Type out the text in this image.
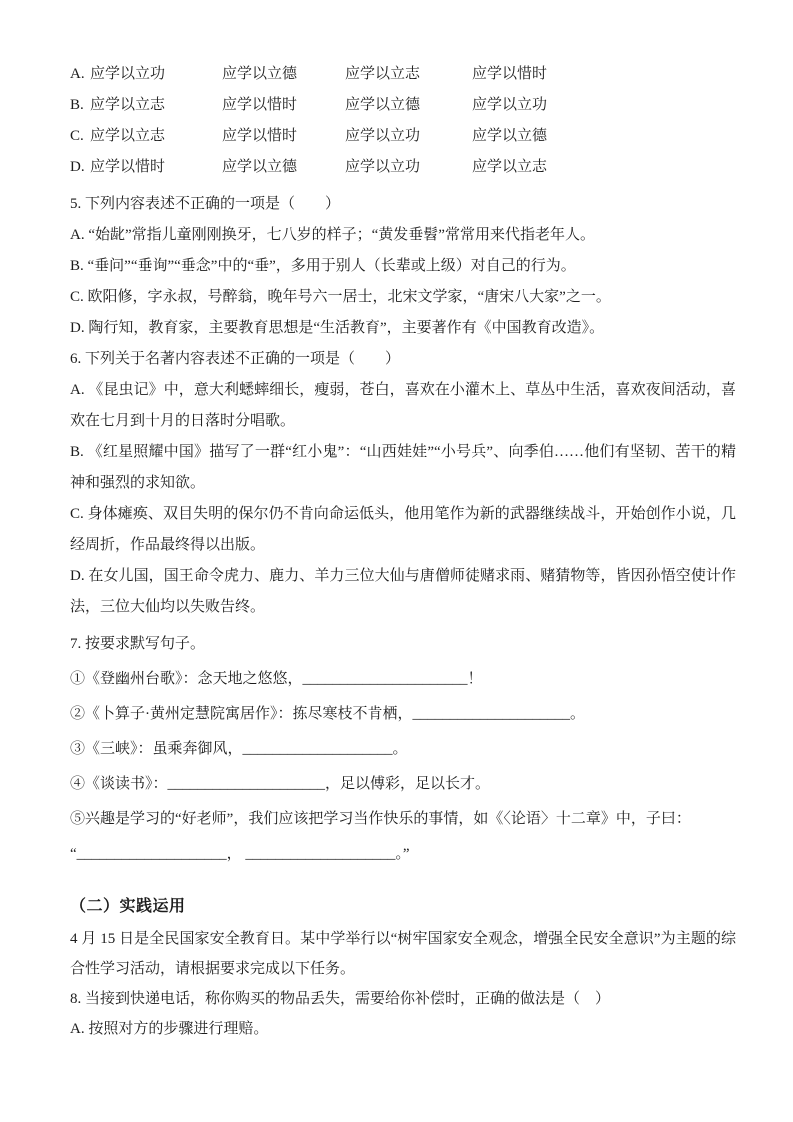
A. 应学以立功	应学以立德	应学以立志	应学以惜时
B. 应学以立志	应学以惜时	应学以立德	应学以立功
C. 应学以立志	应学以惜时	应学以立功	应学以立德
D. 应学以惜时	应学以立德	应学以立功	应学以立志
5. 下列内容表述不正确的一项是（　　）
A. “始龀”常指儿童刚刚换牙，七八岁的样子；“黄发垂髫”常常用来代指老年人。
B. “垂问”“垂询”“垂念”中的“垂”，多用于别人（长辈或上级）对自己的行为。
C. 欧阳修，字永叔，号醉翁，晚年号六一居士，北宋文学家，“唐宋八大家”之一。
D. 陶行知，教育家，主要教育思想是“生活教育”，主要著作有《中国教育改造》。
6. 下列关于名著内容表述不正确的一项是（　　）
A. 《昆虫记》中，意大利蟋蟀细长，瘦弱，苍白，喜欢在小灌木上、草丛中生活，喜欢夜间活动，喜欢在七月到十月的日落时分唱歌。
B. 《红星照耀中国》描写了一群“红小鬼”：“山西娃娃”“小号兵”、向季伯……他们有坚韧、苦干的精神和强烈的求知欲。
C. 身体瘫痪、双目失明的保尔仍不肯向命运低头，他用笔作为新的武器继续战斗，开始创作小说，几经周折，作品最终得以出版。
D. 在女儿国，国王命令虎力、鹿力、羊力三位大仙与唐僧师徒赌求雨、赌猜物等，皆因孙悟空使计作法，三位大仙均以失败告终。
7. 按要求默写句子。
①《登幽州台歌》：念天地之悠悠，______________________！
②《卜算子·黄州定慧院寓居作》：拣尽寒枝不肯栖，_____________________。
③《三峡》：虽乘奔御风，____________________。
④《谈读书》：_____________________，足以傅彩，足以长才。
⑤兴趣是学习的“好老师”，我们应该把学习当作快乐的事情，如《〈论语〉十二章》中，子曰：
“____________________， ____________________。”
（二）实践运用
4 月 15 日是全民国家安全教育日。某中学举行以“树牢国家安全观念，增强全民安全意识”为主题的综合性学习活动，请根据要求完成以下任务。
8. 当接到快递电话，称你购买的物品丢失，需要给你补偿时，正确的做法是（　）
A. 按照对方的步骤进行理赔。
